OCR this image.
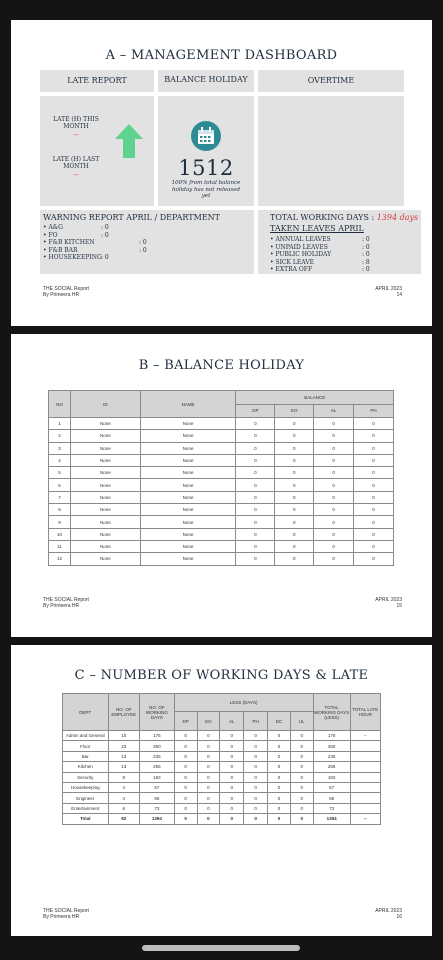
A – MANAGEMENT DASHBOARD
LATE REPORT	BALANCE HOLIDAY	OVERTIME
LATE (H) THIS MONTH
--
LATE (H) LAST MONTH
--	1512
100% from total balance holiday has not released yet
WARNING REPORT APRIL / DEPARTMENT
• A&G	: 0
• FO	: 0
• F&B KITCHEN	: 0
• F&B BAR	: 0
• HOUSEKEEPING : 0
TOTAL WORKING DAYS : 1394 days
TAKEN LEAVES APRIL
• ANNUAL LEAVES	: 0
• UNPAID LEAVES	: 0
• PUBLIC HOLIDAY	: 0
• SICK LEAVE	: 8
• EXTRA OFF	: 0
THE SOCIAL Report
By Primeera HR
APRIL 2023
14
B – BALANCE HOLIDAY
NO	ID	NAME	BALANCE			
			DP	EO	AL	PH
1	None	None	0	0	0	0
2	None	None	0	0	0	0
3	None	None	0	0	0	0
4	None	None	0	0	0	0
5	None	None	0	0	0	0
6	None	None	0	0	0	0
7	None	None	0	0	0	0
8	None	None	0	0	0	0
9	None	None	0	0	0	0
10	None	None	0	0	0	0
11	None	None	0	0	0	0
12	None	None	0	0	0	0
THE SOCIAL Report
By Primeera HR
APRIL 2023
15
C – NUMBER OF WORKING DAYS & LATE
DEPT	NO. OF EMPLOYEE	NO. OF WORKING DAYS	LESS (DAYS)						TOTAL WORKING DAYS (LESS)	TOTAL LATE HOUR
			DP	EO	AL	PH	DC	UL		
Admin and General	10	175	0	0	0	0	0	0	175	--
Floor	23	350	0	0	0	0	0	0	350	
Bar	13	235	0	0	0	0	0	0	235	
Kitchen	13	255	0	0	0	0	0	0	255	
Security	9	183	0	0	0	0	0	0	183	
Housekeeping	4	57	0	0	0	0	0	0	57	
Engineer	4	66	0	0	0	0	0	0	66	
Entertainment	6	73	0	0	0	0	0	0	73	
Total	82	1394	0	0	0	0	0	0	1394	--
THE SOCIAL Report
By Primeera HR
APRIL 2023
16
